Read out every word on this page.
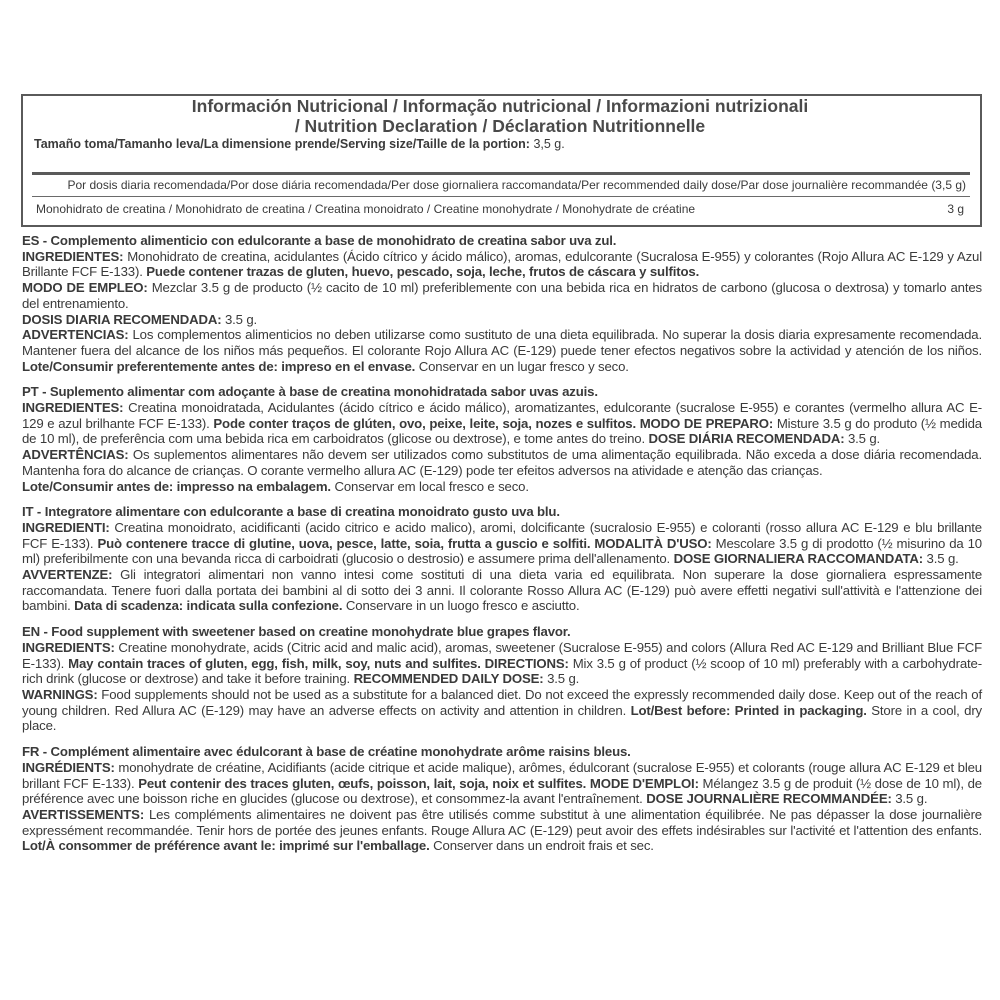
Información Nutricional / Informação nutricional / Informazioni nutrizionali
/ Nutrition Declaration / Déclaration Nutritionnelle
Tamaño toma/Tamanho leva/La dimensione prende/Serving size/Taille de la portion: 3,5 g.
Por dosis diaria recomendada/Por dose diária recomendada/Per dose giornaliera raccomandata/Per recommended daily dose/Par dose journalière recommandée (3,5 g)
Monohidrato de creatina / Monohidrato de creatina / Creatina monoidrato / Creatine monohydrate / Monohydrate de créatine	3 g

ES - Complemento alimenticio con edulcorante a base de monohidrato de creatina sabor uva zul.

INGREDIENTES: Monohidrato de creatina, acidulantes (Ácido cítrico y ácido málico), aromas, edulcorante (Sucralosa E-955) y colorantes (Rojo Allura AC E-129 y Azul Brillante FCF E-133). Puede contener trazas de gluten, huevo, pescado, soja, leche, frutos de cáscara y sulfitos.

MODO DE EMPLEO: Mezclar 3.5 g de producto (½ cacito de 10 ml) preferiblemente con una bebida rica en hidratos de carbono (glucosa o dextrosa) y tomarlo antes del entrenamiento.

DOSIS DIARIA RECOMENDADA: 3.5 g.

ADVERTENCIAS: Los complementos alimenticios no deben utilizarse como sustituto de una dieta equilibrada. No superar la dosis diaria expresamente recomendada. Mantener fuera del alcance de los niños más pequeños. El colorante Rojo Allura AC (E-129) puede tener efectos negativos sobre la actividad y atención de los niños. Lote/Consumir preferentemente antes de: impreso en el envase. Conservar en un lugar fresco y seco.

PT - Suplemento alimentar com adoçante à base de creatina monohidratada sabor uvas azuis.

INGREDIENTES: Creatina monoidratada, Acidulantes (ácido cítrico e ácido málico), aromatizantes, edulcorante (sucralose E-955) e corantes (vermelho allura AC E-129 e azul brilhante FCF E-133). Pode conter traços de glúten, ovo, peixe, leite, soja, nozes e sulfitos. MODO DE PREPARO: Misture 3.5 g do produto (½ medida de 10 ml), de preferência com uma bebida rica em carboidratos (glicose ou dextrose), e tome antes do treino. DOSE DIÁRIA RECOMENDADA: 3.5 g.

ADVERTÊNCIAS: Os suplementos alimentares não devem ser utilizados como substitutos de uma alimentação equilibrada. Não exceda a dose diária recomendada. Mantenha fora do alcance de crianças. O corante vermelho allura AC (E-129) pode ter efeitos adversos na atividade e atenção das crianças.

Lote/Consumir antes de: impresso na embalagem. Conservar em local fresco e seco.

IT - Integratore alimentare con edulcorante a base di creatina monoidrato gusto uva blu.

INGREDIENTI: Creatina monoidrato, acidificanti (acido citrico e acido malico), aromi, dolcificante (sucralosio E-955) e coloranti (rosso allura AC E-129 e blu brillante FCF E-133). Può contenere tracce di glutine, uova, pesce, latte, soia, frutta a guscio e solfiti. MODALITÀ D'USO: Mescolare 3.5 g di prodotto (½ misurino da 10 ml) preferibilmente con una bevanda ricca di carboidrati (glucosio o destrosio) e assumere prima dell'allenamento. DOSE GIORNALIERA RACCOMANDATA: 3.5 g.

AVVERTENZE: Gli integratori alimentari non vanno intesi come sostituti di una dieta varia ed equilibrata. Non superare la dose giornaliera espressamente raccomandata. Tenere fuori dalla portata dei bambini al di sotto dei 3 anni. Il colorante Rosso Allura AC (E-129) può avere effetti negativi sull'attività e l'attenzione dei bambini. Data di scadenza: indicata sulla confezione. Conservare in un luogo fresco e asciutto.

EN - Food supplement with sweetener based on creatine monohydrate blue grapes flavor.

INGREDIENTS: Creatine monohydrate, acids (Citric acid and malic acid), aromas, sweetener (Sucralose E-955) and colors (Allura Red AC E-129 and Brilliant Blue FCF E-133). May contain traces of gluten, egg, fish, milk, soy, nuts and sulfites. DIRECTIONS: Mix 3.5 g of product (½ scoop of 10 ml) preferably with a carbohydrate-rich drink (glucose or dextrose) and take it before training. RECOMMENDED DAILY DOSE: 3.5 g.

WARNINGS: Food supplements should not be used as a substitute for a balanced diet. Do not exceed the expressly recommended daily dose. Keep out of the reach of young children. Red Allura AC (E-129) may have an adverse effects on activity and attention in children. Lot/Best before: Printed in packaging. Store in a cool, dry place.

FR - Complément alimentaire avec édulcorant à base de créatine monohydrate arôme raisins bleus.

INGRÉDIENTS: monohydrate de créatine, Acidifiants (acide citrique et acide malique), arômes, édulcorant (sucralose E-955) et colorants (rouge allura AC E-129 et bleu brillant FCF E-133). Peut contenir des traces gluten, œufs, poisson, lait, soja, noix et sulfites. MODE D'EMPLOI: Mélangez 3.5 g de produit (½ dose de 10 ml), de préférence avec une boisson riche en glucides (glucose ou dextrose), et consommez-la avant l'entraînement. DOSE JOURNALIÈRE RECOMMANDÉE: 3.5 g.

AVERTISSEMENTS: Les compléments alimentaires ne doivent pas être utilisés comme substitut à une alimentation équilibrée. Ne pas dépasser la dose journalière expressément recommandée. Tenir hors de portée des jeunes enfants. Rouge Allura AC (E-129) peut avoir des effets indésirables sur l'activité et l'attention des enfants. Lot/À consommer de préférence avant le: imprimé sur l'emballage. Conserver dans un endroit frais et sec.
